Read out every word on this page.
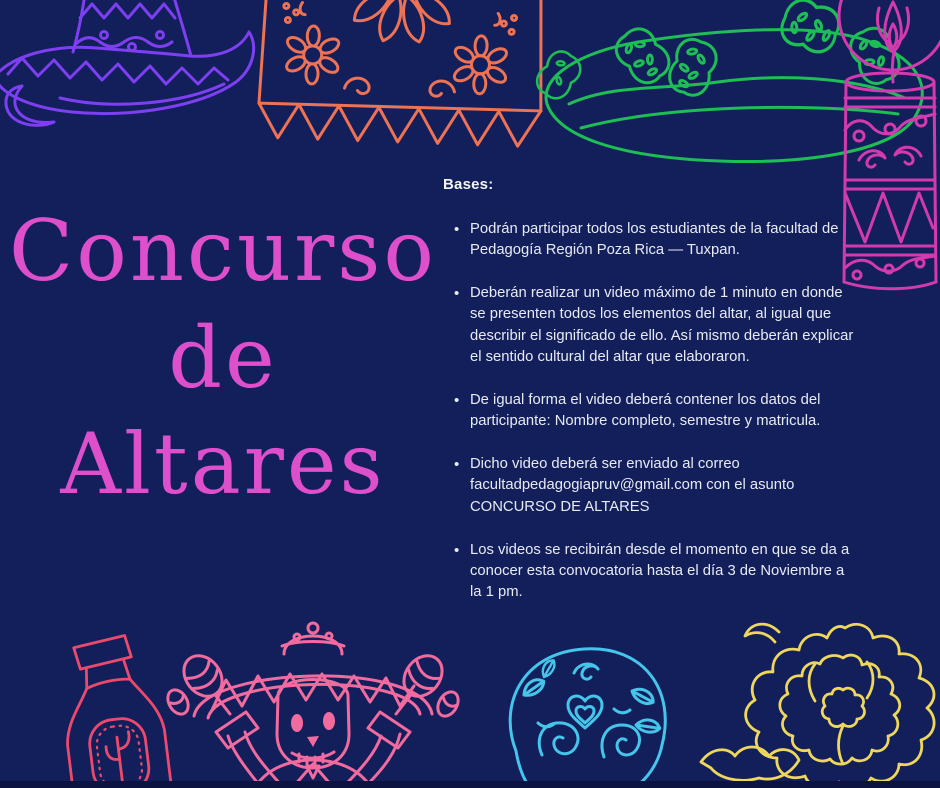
Concurso
de
Altares
Bases:
• Podrán participar todos los estudiantes de la facultad de Pedagogía Región Poza Rica — Tuxpan.
• Deberán realizar un video máximo de 1 minuto en donde se presenten todos los elementos del altar, al igual que describir el significado de ello. Así mismo deberán explicar el sentido cultural del altar que elaboraron.
• De igual forma el video deberá contener los datos del participante: Nombre completo, semestre y matricula.
• Dicho video deberá ser enviado al correo facultadpedagogiapruv@gmail.com con el asunto CONCURSO DE ALTARES
• Los videos se recibirán desde el momento en que se da a conocer esta convocatoria hasta el día 3 de Noviembre a la 1 pm.
